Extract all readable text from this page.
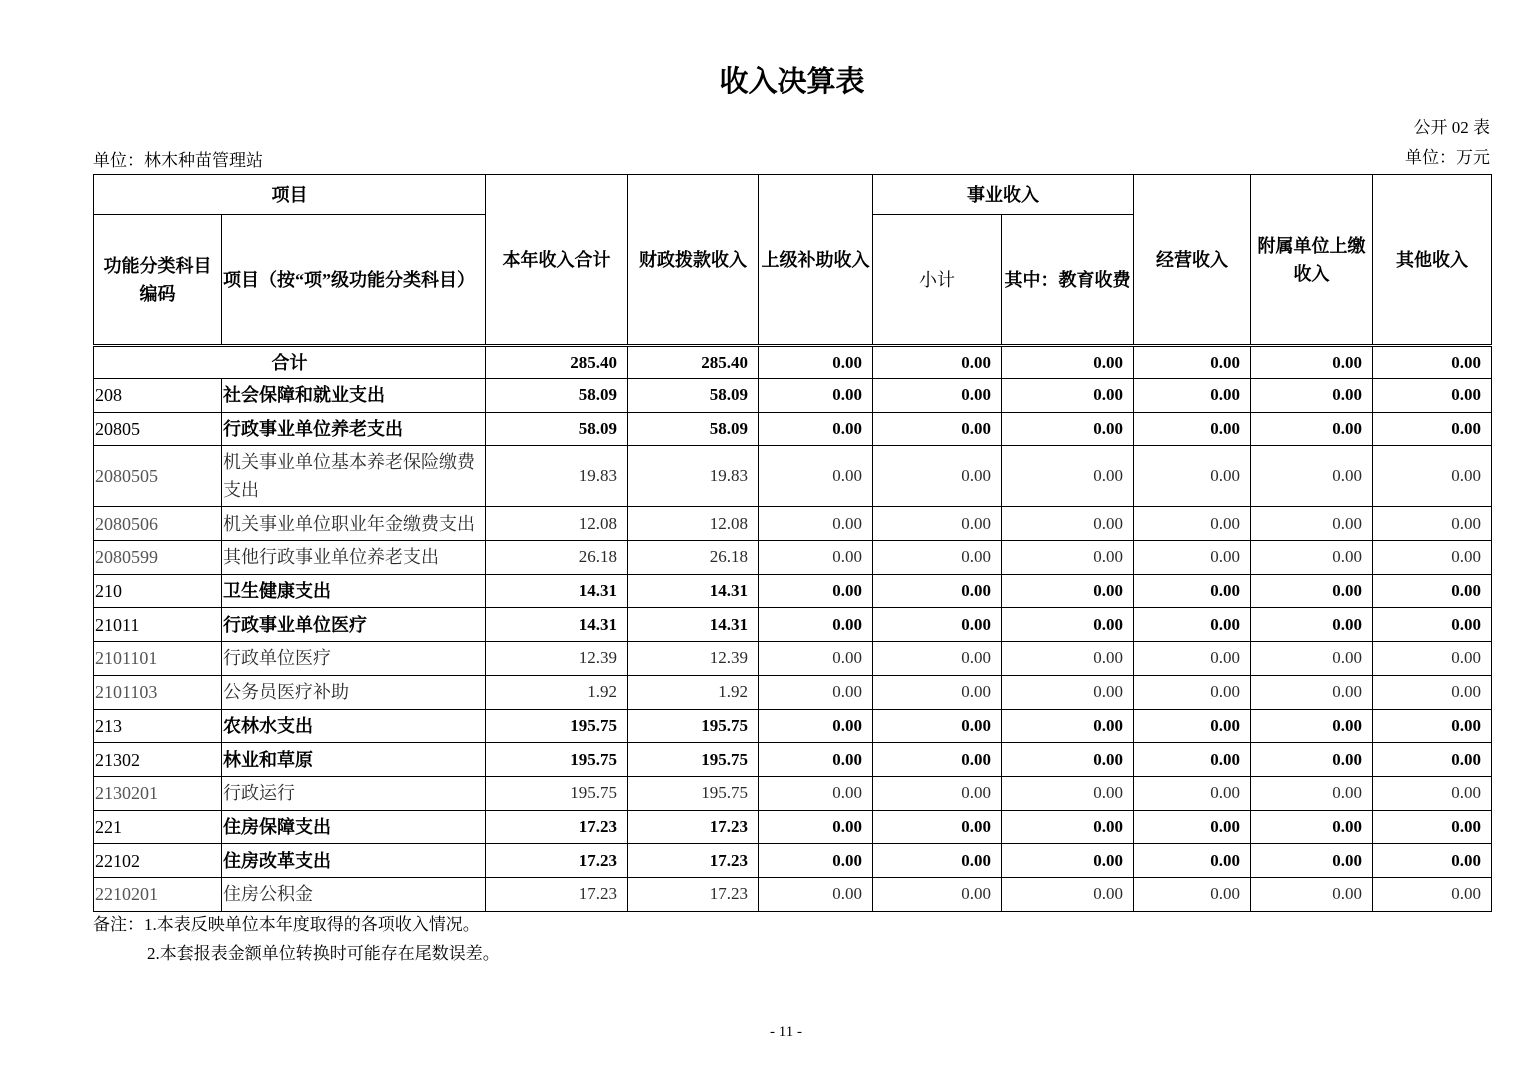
收入决算表
公开 02 表
单位：林木种苗管理站	单位：万元
项目		本年收入合计	财政拨款收入	上级补助收入	事业收入		经营收入	附属单位上缴收入	其他收入
功能分类科目编码	项目（按“项”级功能分类科目）				小计	其中：教育收费			
合计		285.40	285.40	0.00	0.00	0.00	0.00	0.00	0.00
208	社会保障和就业支出	58.09	58.09	0.00	0.00	0.00	0.00	0.00	0.00
20805	行政事业单位养老支出	58.09	58.09	0.00	0.00	0.00	0.00	0.00	0.00
2080505	机关事业单位基本养老保险缴费支出	19.83	19.83	0.00	0.00	0.00	0.00	0.00	0.00
2080506	机关事业单位职业年金缴费支出	12.08	12.08	0.00	0.00	0.00	0.00	0.00	0.00
2080599	其他行政事业单位养老支出	26.18	26.18	0.00	0.00	0.00	0.00	0.00	0.00
210	卫生健康支出	14.31	14.31	0.00	0.00	0.00	0.00	0.00	0.00
21011	行政事业单位医疗	14.31	14.31	0.00	0.00	0.00	0.00	0.00	0.00
2101101	行政单位医疗	12.39	12.39	0.00	0.00	0.00	0.00	0.00	0.00
2101103	公务员医疗补助	1.92	1.92	0.00	0.00	0.00	0.00	0.00	0.00
213	农林水支出	195.75	195.75	0.00	0.00	0.00	0.00	0.00	0.00
21302	林业和草原	195.75	195.75	0.00	0.00	0.00	0.00	0.00	0.00
2130201	行政运行	195.75	195.75	0.00	0.00	0.00	0.00	0.00	0.00
221	住房保障支出	17.23	17.23	0.00	0.00	0.00	0.00	0.00	0.00
22102	住房改革支出	17.23	17.23	0.00	0.00	0.00	0.00	0.00	0.00
2210201	住房公积金	17.23	17.23	0.00	0.00	0.00	0.00	0.00	0.00
备注：1.本表反映单位本年度取得的各项收入情况。
2.本套报表金额单位转换时可能存在尾数误差。
- 11 -
